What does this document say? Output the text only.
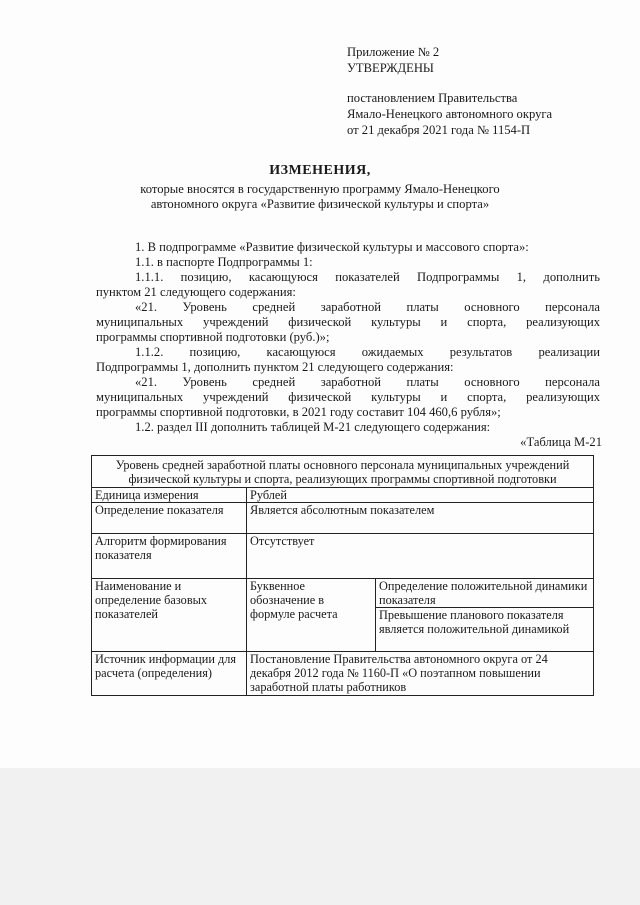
Приложение № 2
УТВЕРЖДЕНЫ
постановлением Правительства
Ямало-Ненецкого автономного округа
от 21 декабря 2021 года № 1154-П
ИЗМЕНЕНИЯ,
которые вносятся в государственную программу Ямало-Ненецкого
автономного округа «Развитие физической культуры и спорта»
1. В подпрограмме «Развитие физической культуры и массового спорта»:
1.1. в паспорте Подпрограммы 1:
1.1.1. позицию, касающуюся показателей Подпрограммы 1, дополнить
пунктом 21 следующего содержания:
«21. Уровень средней заработной платы основного персонала
муниципальных учреждений физической культуры и спорта, реализующих
программы спортивной подготовки (руб.)»;
1.1.2. позицию, касающуюся ожидаемых результатов реализации
Подпрограммы 1, дополнить пунктом 21 следующего содержания:
«21. Уровень средней заработной платы основного персонала
муниципальных учреждений физической культуры и спорта, реализующих
программы спортивной подготовки, в 2021 году составит 104 460,6 рубля»;
1.2. раздел III дополнить таблицей М-21 следующего содержания:
«Таблица М-21
Уровень средней заработной платы основного персонала муниципальных учреждений физической культуры и спорта, реализующих программы спортивной подготовки		
Единица измерения	Рублей	
Определение показателя	Является абсолютным показателем	
Алгоритм формирования показателя	Отсутствует	
Наименование и определение базовых показателей	Буквенное обозначение в формуле расчета	Определение положительной динамики показателя
		Превышение планового показателя является положительной динамикой
Источник информации для расчета (определения)	Постановление Правительства автономного округа от 24 декабря 2012 года № 1160-П «О поэтапном повышении заработной платы работников	
